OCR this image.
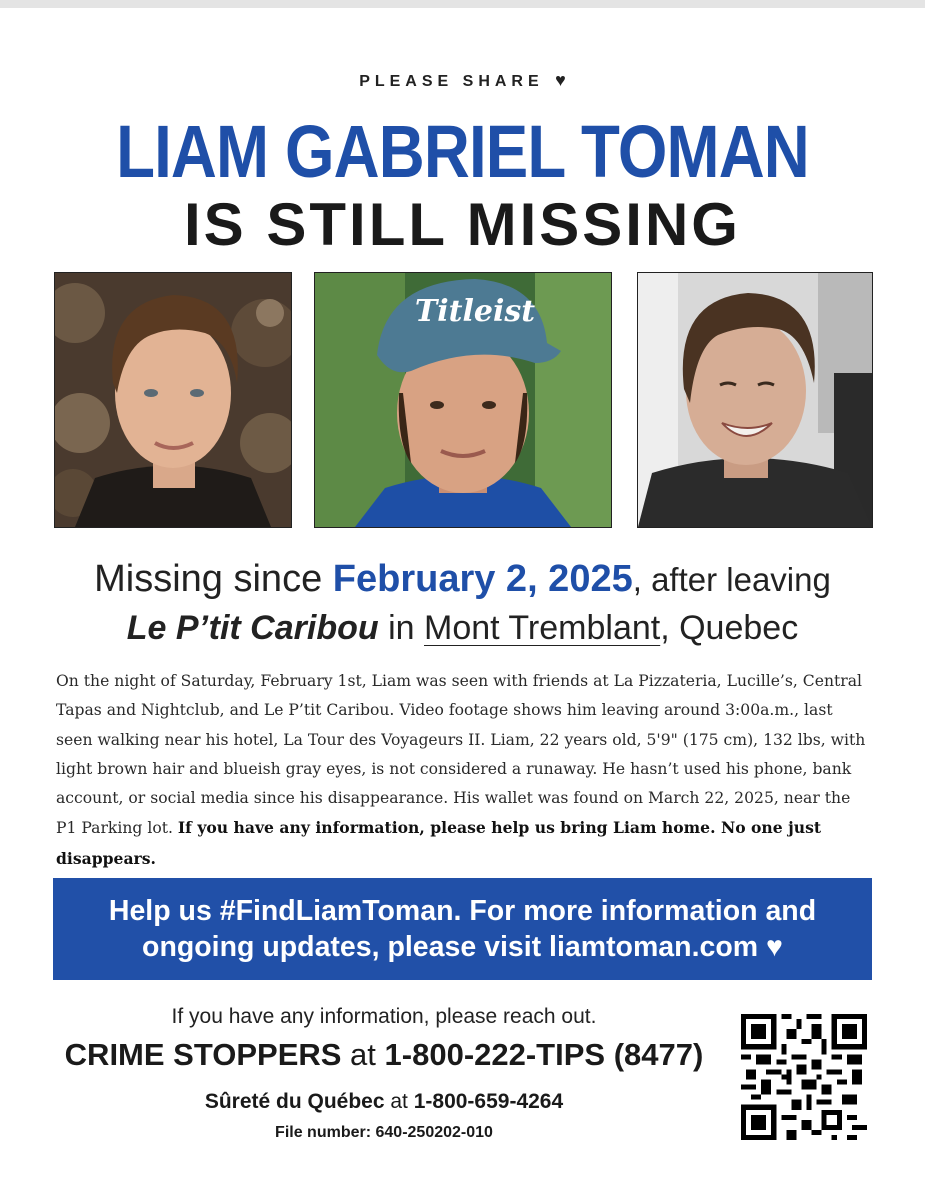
PLEASE SHARE ♥
LIAM GABRIEL TOMAN
IS STILL MISSING
Titleist
Missing since February 2, 2025, after leaving
Le P’tit Caribou in Mont Tremblant, Quebec
On the night of Saturday, February 1st, Liam was seen with friends at La Pizzateria, Lucille’s, Central Tapas and Nightclub, and Le P’tit Caribou. Video footage shows him leaving around 3:00a.m., last seen walking near his hotel, La Tour des Voyageurs II. Liam, 22 years old, 5'9" (175 cm), 132 lbs, with light brown hair and blueish gray eyes, is not considered a runaway. He hasn’t used his phone, bank account, or social media since his disappearance. His wallet was found on March 22, 2025, near the P1 Parking lot. If you have any information, please help us bring Liam home. No one just disappears.
Help us #FindLiamToman. For more information and
ongoing updates, please visit liamtoman.com ♥
If you have any information, please reach out.
CRIME STOPPERS at 1-800-222-TIPS (8477)
Sûreté du Québec at 1-800-659-4264
File number: 640-250202-010
